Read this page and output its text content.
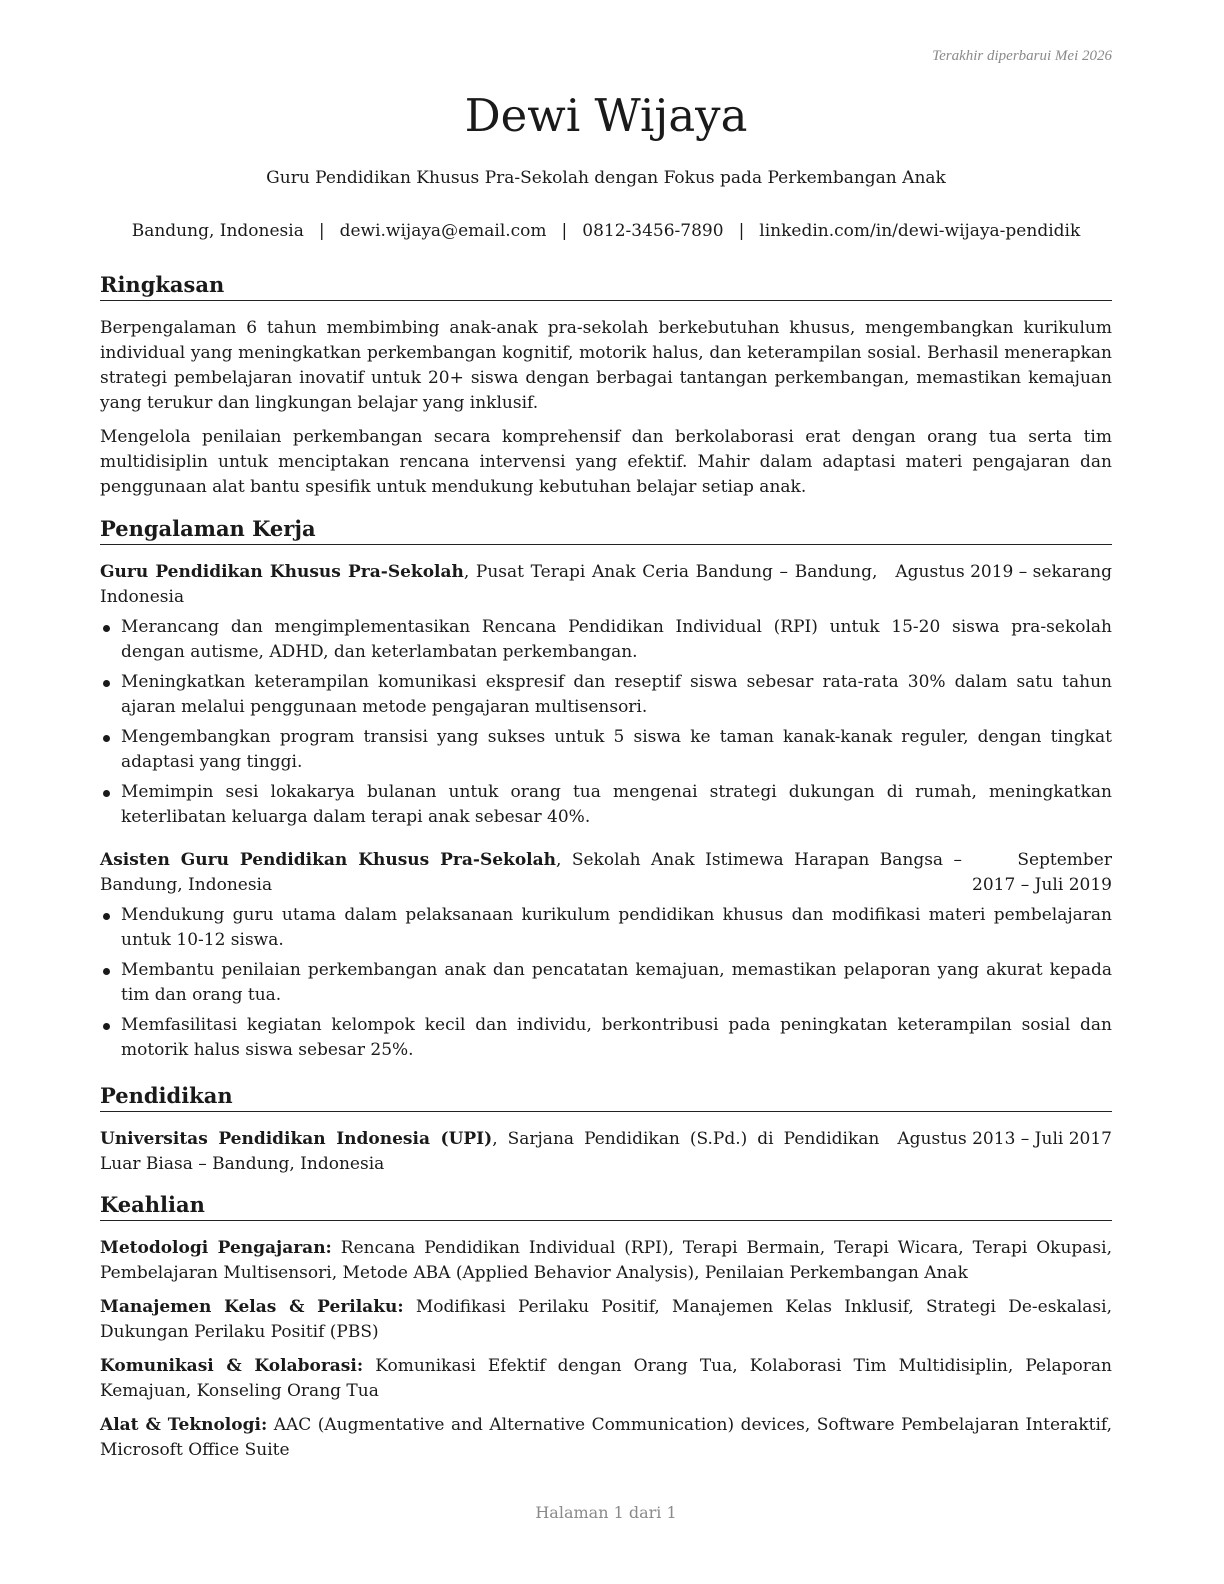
Terakhir diperbarui Mei 2026
Dewi Wijaya
Guru Pendidikan Khusus Pra-Sekolah dengan Fokus pada Perkembangan Anak
Bandung, Indonesia | dewi.wijaya@email.com | 0812-3456-7890 | linkedin.com/in/dewi-wijaya-pendidik
Ringkasan

Berpengalaman 6 tahun membimbing anak-anak pra-sekolah berkebutuhan khusus, mengembangkan kurikulum individual yang meningkatkan perkembangan kognitif, motorik halus, dan keterampilan sosial. Berhasil menerapkan strategi pembelajaran inovatif untuk 20+ siswa dengan berbagai tantangan perkembangan, memastikan kemajuan yang terukur dan lingkungan belajar yang inklusif.

Mengelola penilaian perkembangan secara komprehensif dan berkolaborasi erat dengan orang tua serta tim multidisiplin untuk menciptakan rencana intervensi yang efektif. Mahir dalam adaptasi materi pengajaran dan penggunaan alat bantu spesifik untuk mendukung kebutuhan belajar setiap anak.

Pengalaman Kerja
Guru Pendidikan Khusus Pra-Sekolah, Pusat Terapi Anak Ceria Bandung – Bandung, Indonesia
Agustus 2019 – sekarang
Merancang dan mengimplementasikan Rencana Pendidikan Individual (RPI) untuk 15-20 siswa pra-sekolah dengan autisme, ADHD, dan keterlambatan perkembangan.
Meningkatkan keterampilan komunikasi ekspresif dan reseptif siswa sebesar rata-rata 30% dalam satu tahun ajaran melalui penggunaan metode pengajaran multisensori.
Mengembangkan program transisi yang sukses untuk 5 siswa ke taman kanak-kanak reguler, dengan tingkat adaptasi yang tinggi.
Memimpin sesi lokakarya bulanan untuk orang tua mengenai strategi dukungan di rumah, meningkatkan keterlibatan keluarga dalam terapi anak sebesar 40%.
Asisten Guru Pendidikan Khusus Pra-Sekolah, Sekolah Anak Istimewa Harapan Bangsa – Bandung, Indonesia
September 2017 – Juli 2019
Mendukung guru utama dalam pelaksanaan kurikulum pendidikan khusus dan modifikasi materi pembelajaran untuk 10-12 siswa.
Membantu penilaian perkembangan anak dan pencatatan kemajuan, memastikan pelaporan yang akurat kepada tim dan orang tua.
Memfasilitasi kegiatan kelompok kecil dan individu, berkontribusi pada peningkatan keterampilan sosial dan motorik halus siswa sebesar 25%.
Pendidikan
Universitas Pendidikan Indonesia (UPI), Sarjana Pendidikan (S.Pd.) di Pendidikan Luar Biasa – Bandung, Indonesia
Agustus 2013 – Juli 2017
Keahlian

Metodologi Pengajaran: Rencana Pendidikan Individual (RPI), Terapi Bermain, Terapi Wicara, Terapi Okupasi, Pembelajaran Multisensori, Metode ABA (Applied Behavior Analysis), Penilaian Perkembangan Anak

Manajemen Kelas & Perilaku: Modifikasi Perilaku Positif, Manajemen Kelas Inklusif, Strategi De-eskalasi, Dukungan Perilaku Positif (PBS)

Komunikasi & Kolaborasi: Komunikasi Efektif dengan Orang Tua, Kolaborasi Tim Multidisiplin, Pelaporan Kemajuan, Konseling Orang Tua

Alat & Teknologi: AAC (Augmentative and Alternative Communication) devices, Software Pembelajaran Interaktif, Microsoft Office Suite

Halaman 1 dari 1
